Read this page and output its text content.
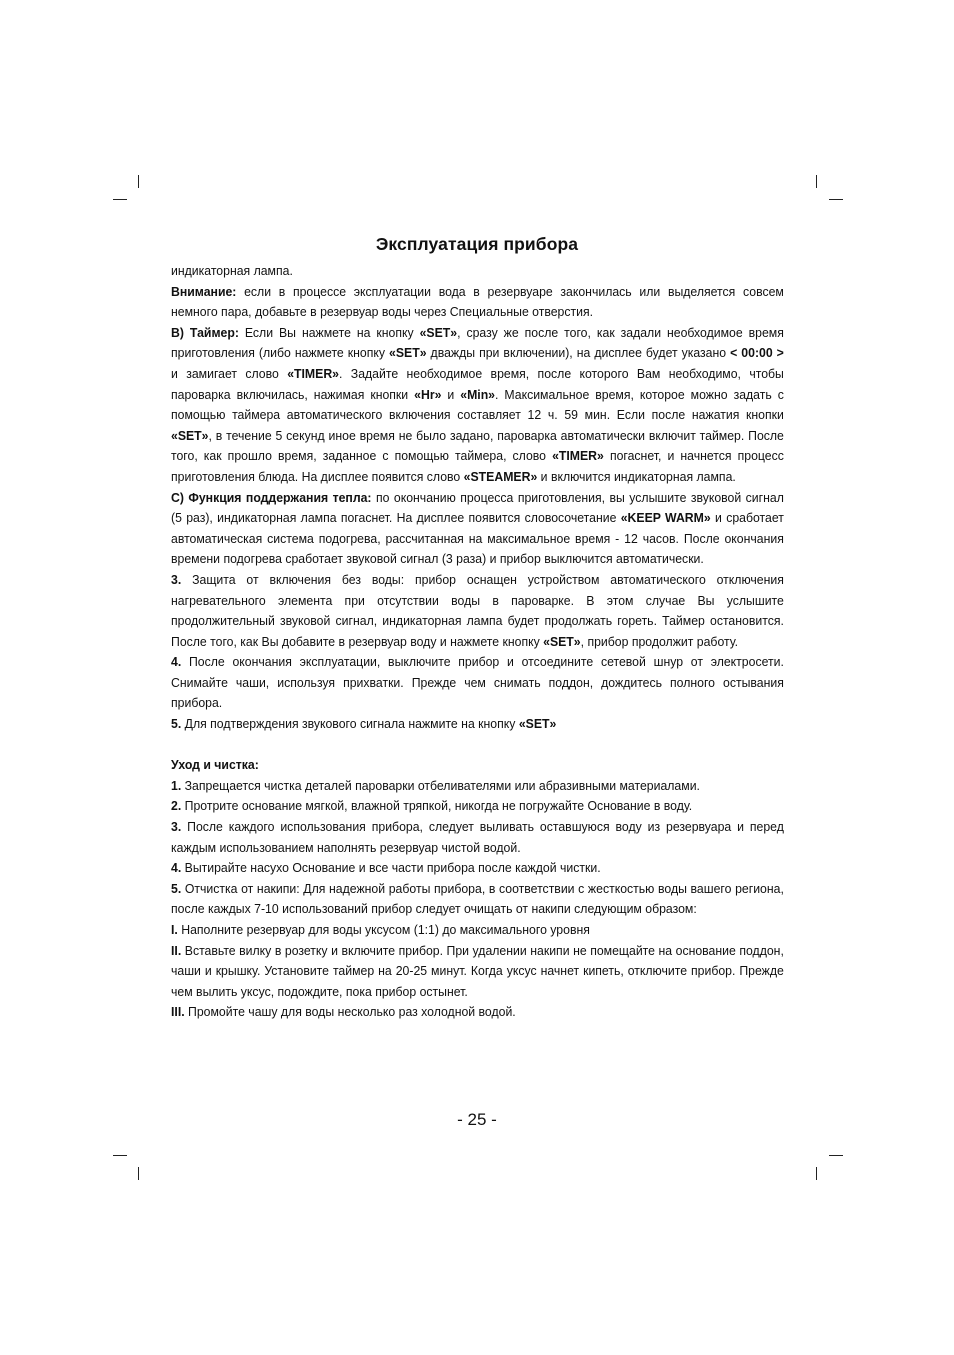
Эксплуатация прибора

индикаторная лампа.

Внимание: если в процессе эксплуатации вода в резервуаре закончилась или выделяется совсем немного пара, добавьте в резервуар воды через Специальные отверстия.

B) Таймер: Если Вы нажмете на кнопку «SET», сразу же после того, как задали необходимое время приготовления (либо нажмете кнопку «SET» дважды при включении), на дисплее будет указано < 00:00 > и замигает слово «TIMER». Задайте необходимое время, после которого Вам необходимо, чтобы пароварка включилась, нажимая кнопки «Hr» и «Min». Максимальное время, которое можно задать с помощью таймера автоматического включения составляет 12 ч. 59 мин. Если после нажатия кнопки «SET», в течение 5 секунд иное время не было задано, пароварка автоматически включит таймер. После того, как прошло время, заданное с помощью таймера, слово «TIMER» погаснет, и начнется процесс приготовления блюда. На дисплее появится слово «STEAMER» и включится индикаторная лампа.

C) Функция поддержания тепла: по окончанию процесса приготовления, вы услышите звуковой сигнал (5 раз), индикаторная лампа погаснет. На дисплее появится словосочетание «KEEP WARM» и сработает автоматическая система подогрева, рассчитанная на максимальное время - 12 часов. После окончания времени подогрева сработает звуковой сигнал (3 раза) и прибор выключится автоматически.

3. Защита от включения без воды: прибор оснащен устройством автоматического отключения нагревательного элемента при отсутствии воды в пароварке. В этом случае Вы услышите продолжительный звуковой сигнал, индикаторная лампа будет продолжать гореть. Таймер остановится. После того, как Вы добавите в резервуар воду и нажмете кнопку «SET», прибор продолжит работу.

4. После окончания эксплуатации, выключите прибор и отсоедините сетевой шнур от электросети. Снимайте чаши, используя прихватки. Прежде чем снимать поддон, дождитесь полного остывания прибора.

5. Для подтверждения звукового сигнала нажмите на кнопку «SET»

Уход и чистка:

1. Запрещается чистка деталей пароварки отбеливателями или абразивными материалами.

2. Протрите основание мягкой, влажной тряпкой, никогда не погружайте Основание в воду.

3. После каждого использования прибора, следует выливать оставшуюся воду из резервуара и перед каждым использованием наполнять резервуар чистой водой.

4. Вытирайте насухо Основание и все части прибора после каждой чистки.

5. Отчистка от накипи: Для надежной работы прибора, в соответствии с жесткостью воды вашего региона, после каждых 7-10 использований прибор следует очищать от накипи следующим образом:

I. Наполните резервуар для воды уксусом (1:1) до максимального уровня

II. Вставьте вилку в розетку и включите прибор. При удалении накипи не помещайте на основание поддон, чаши и крышку. Установите таймер на 20-25 минут. Когда уксус начнет кипеть, отключите прибор. Прежде чем вылить уксус, подождите, пока прибор остынет.

III. Промойте чашу для воды несколько раз холодной водой.

- 25 -
